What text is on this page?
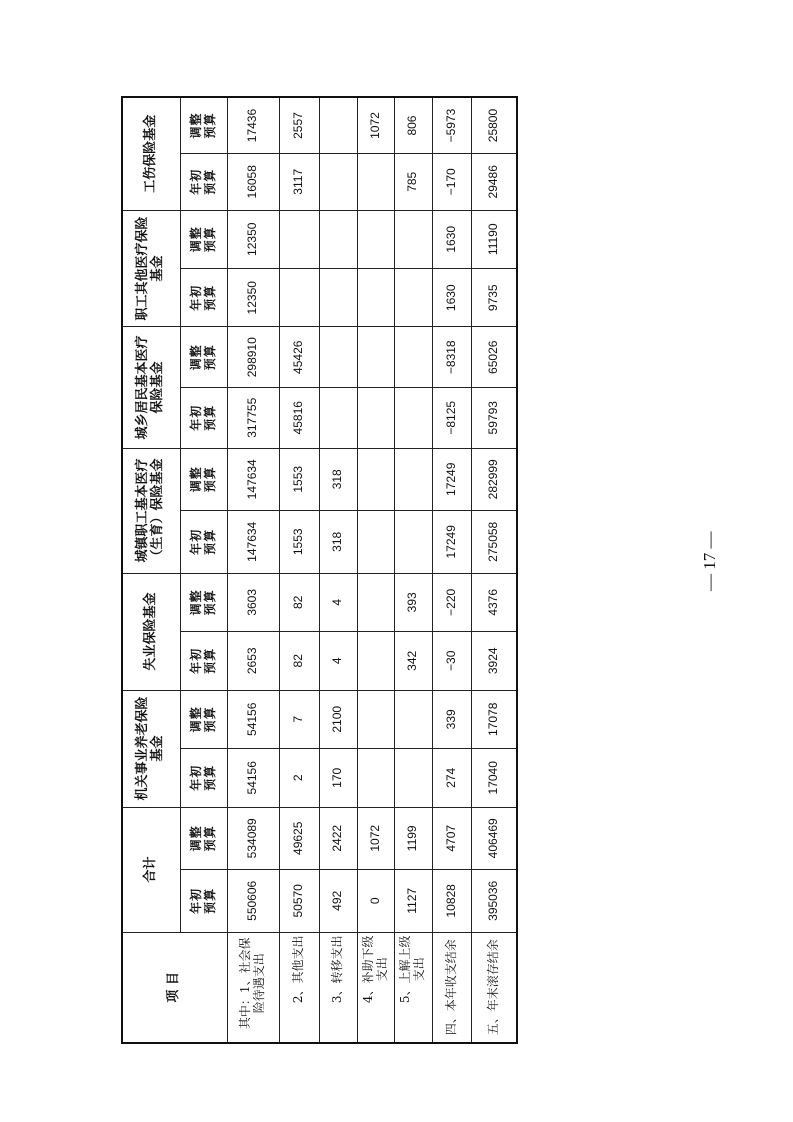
项 目	合计		机关事业养老保险基金		失业保险基金		城镇职工基本医疗（生育）保险基金		城乡居民基本医疗保险基金		职工其他医疗保险基金		工伤保险基金	

	年初 预算	调整 预算	年初 预算	调整 预算	年初 预算	调整 预算	年初 预算	调整 预算	年初 预算	调整 预算	年初 预算	调整 预算	年初 预算	调整 预算

其中：1、社会保险待遇支出	550606	534089	54156	54156	2653	3603	147634	147634	317755	298910	12350	12350	16058	17436
2、其他支出	50570	49625	2	7	82	82	1553	1553	45816	45426			3117	2557
3、转移支出	492	2422	170	2100	4	4	318	318						
4、补助下级支出	0	1072												1072
5、上解上级支出	1127	1199			342	393							785	806
四、本年收支结余	10828	4707	274	339	−30	−220	17249	17249	−8125	−8318	1630	1630	−170	−5973
五、年末滚存结余	395036	406469	17040	17078	3924	4376	275058	282999	59793	65026	9735	11190	29486	25800
— 17 —
